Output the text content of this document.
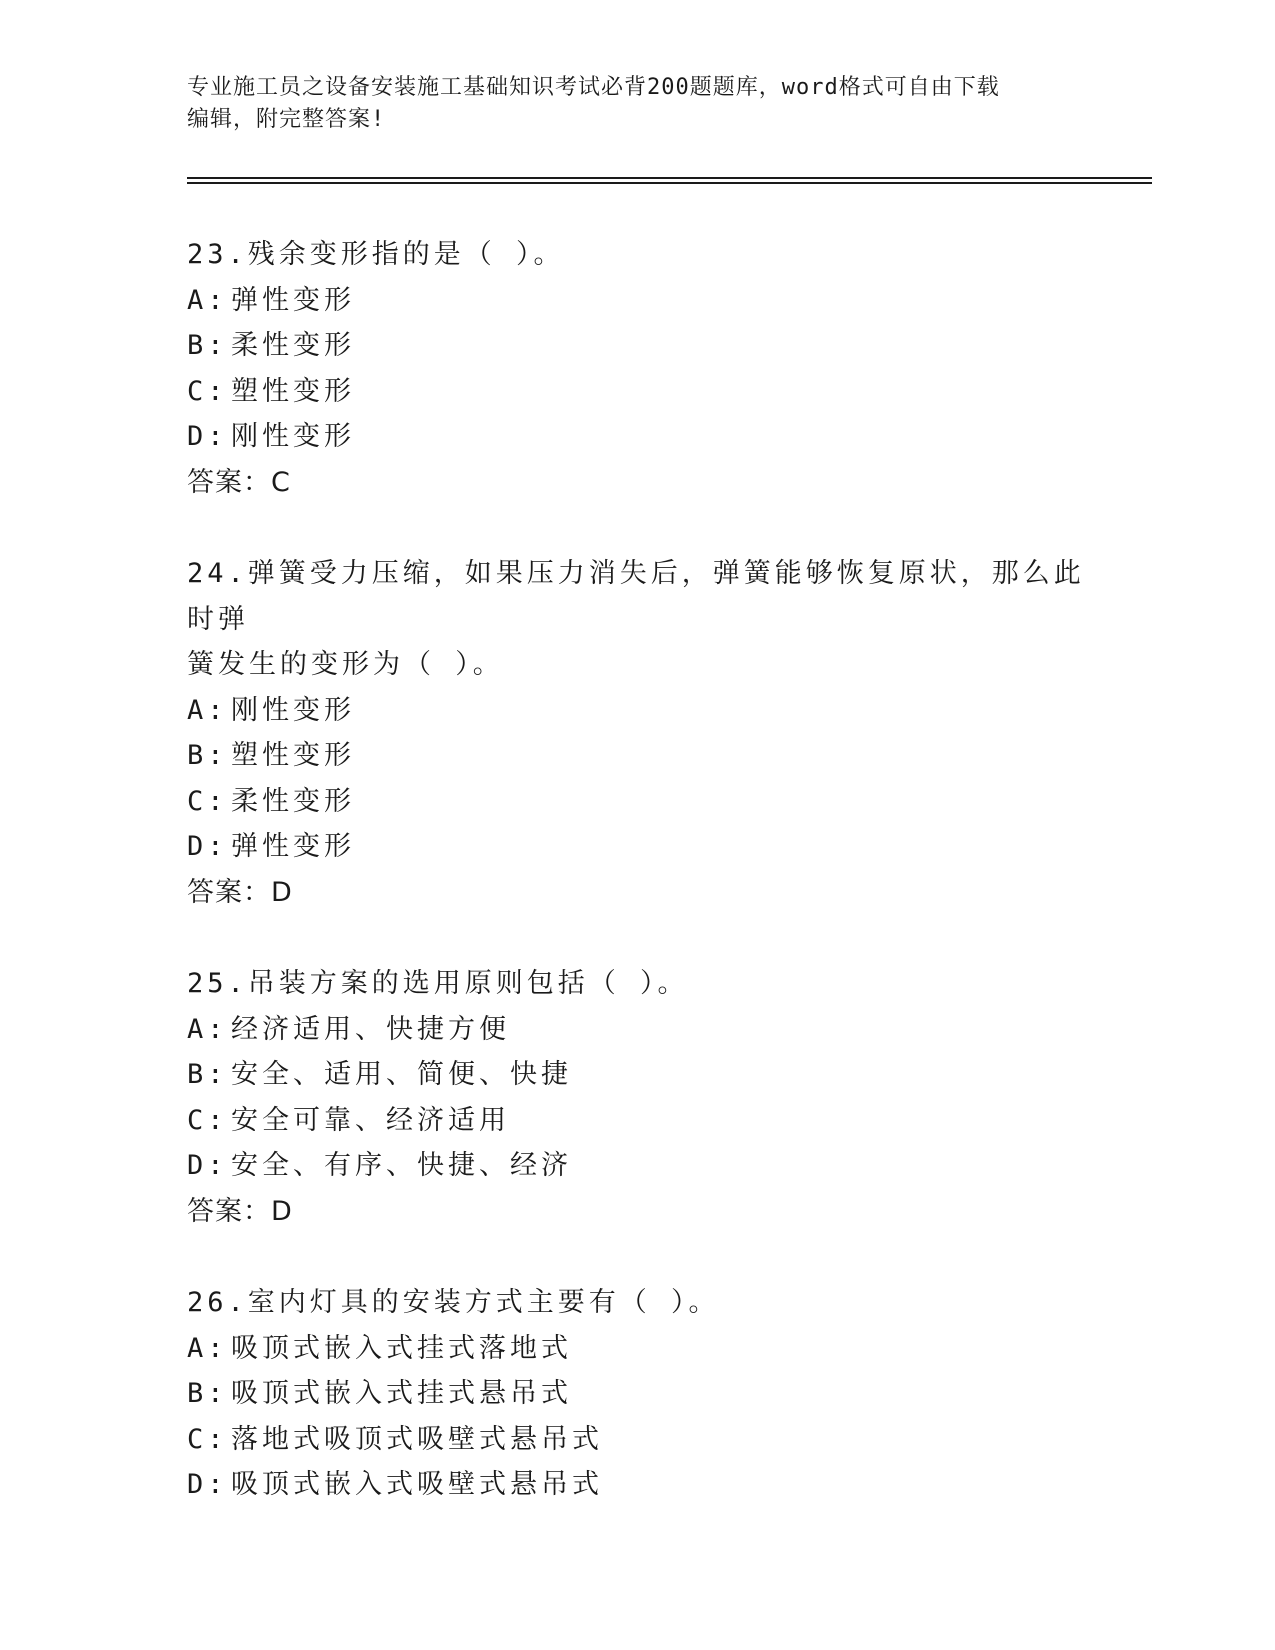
专业施工员之设备安装施工基础知识考试必背200题题库，word格式可自由下载
编辑，附完整答案!

23.残余变形指的是（ ）。

A: 弹性变形

B: 柔性变形

C: 塑性变形

D: 刚性变形

答案：C

24.弹簧受力压缩，如果压力消失后，弹簧能够恢复原状，那么此时弹

簧发生的变形为（ ）。

A: 刚性变形

B: 塑性变形

C: 柔性变形

D: 弹性变形

答案：D

25.吊装方案的选用原则包括（ ）。

A: 经济适用、快捷方便

B: 安全、适用、简便、快捷

C: 安全可靠、经济适用

D: 安全、有序、快捷、经济

答案：D

26.室内灯具的安装方式主要有（ ）。

A: 吸顶式嵌入式挂式落地式

B: 吸顶式嵌入式挂式悬吊式

C: 落地式吸顶式吸壁式悬吊式

D: 吸顶式嵌入式吸壁式悬吊式
